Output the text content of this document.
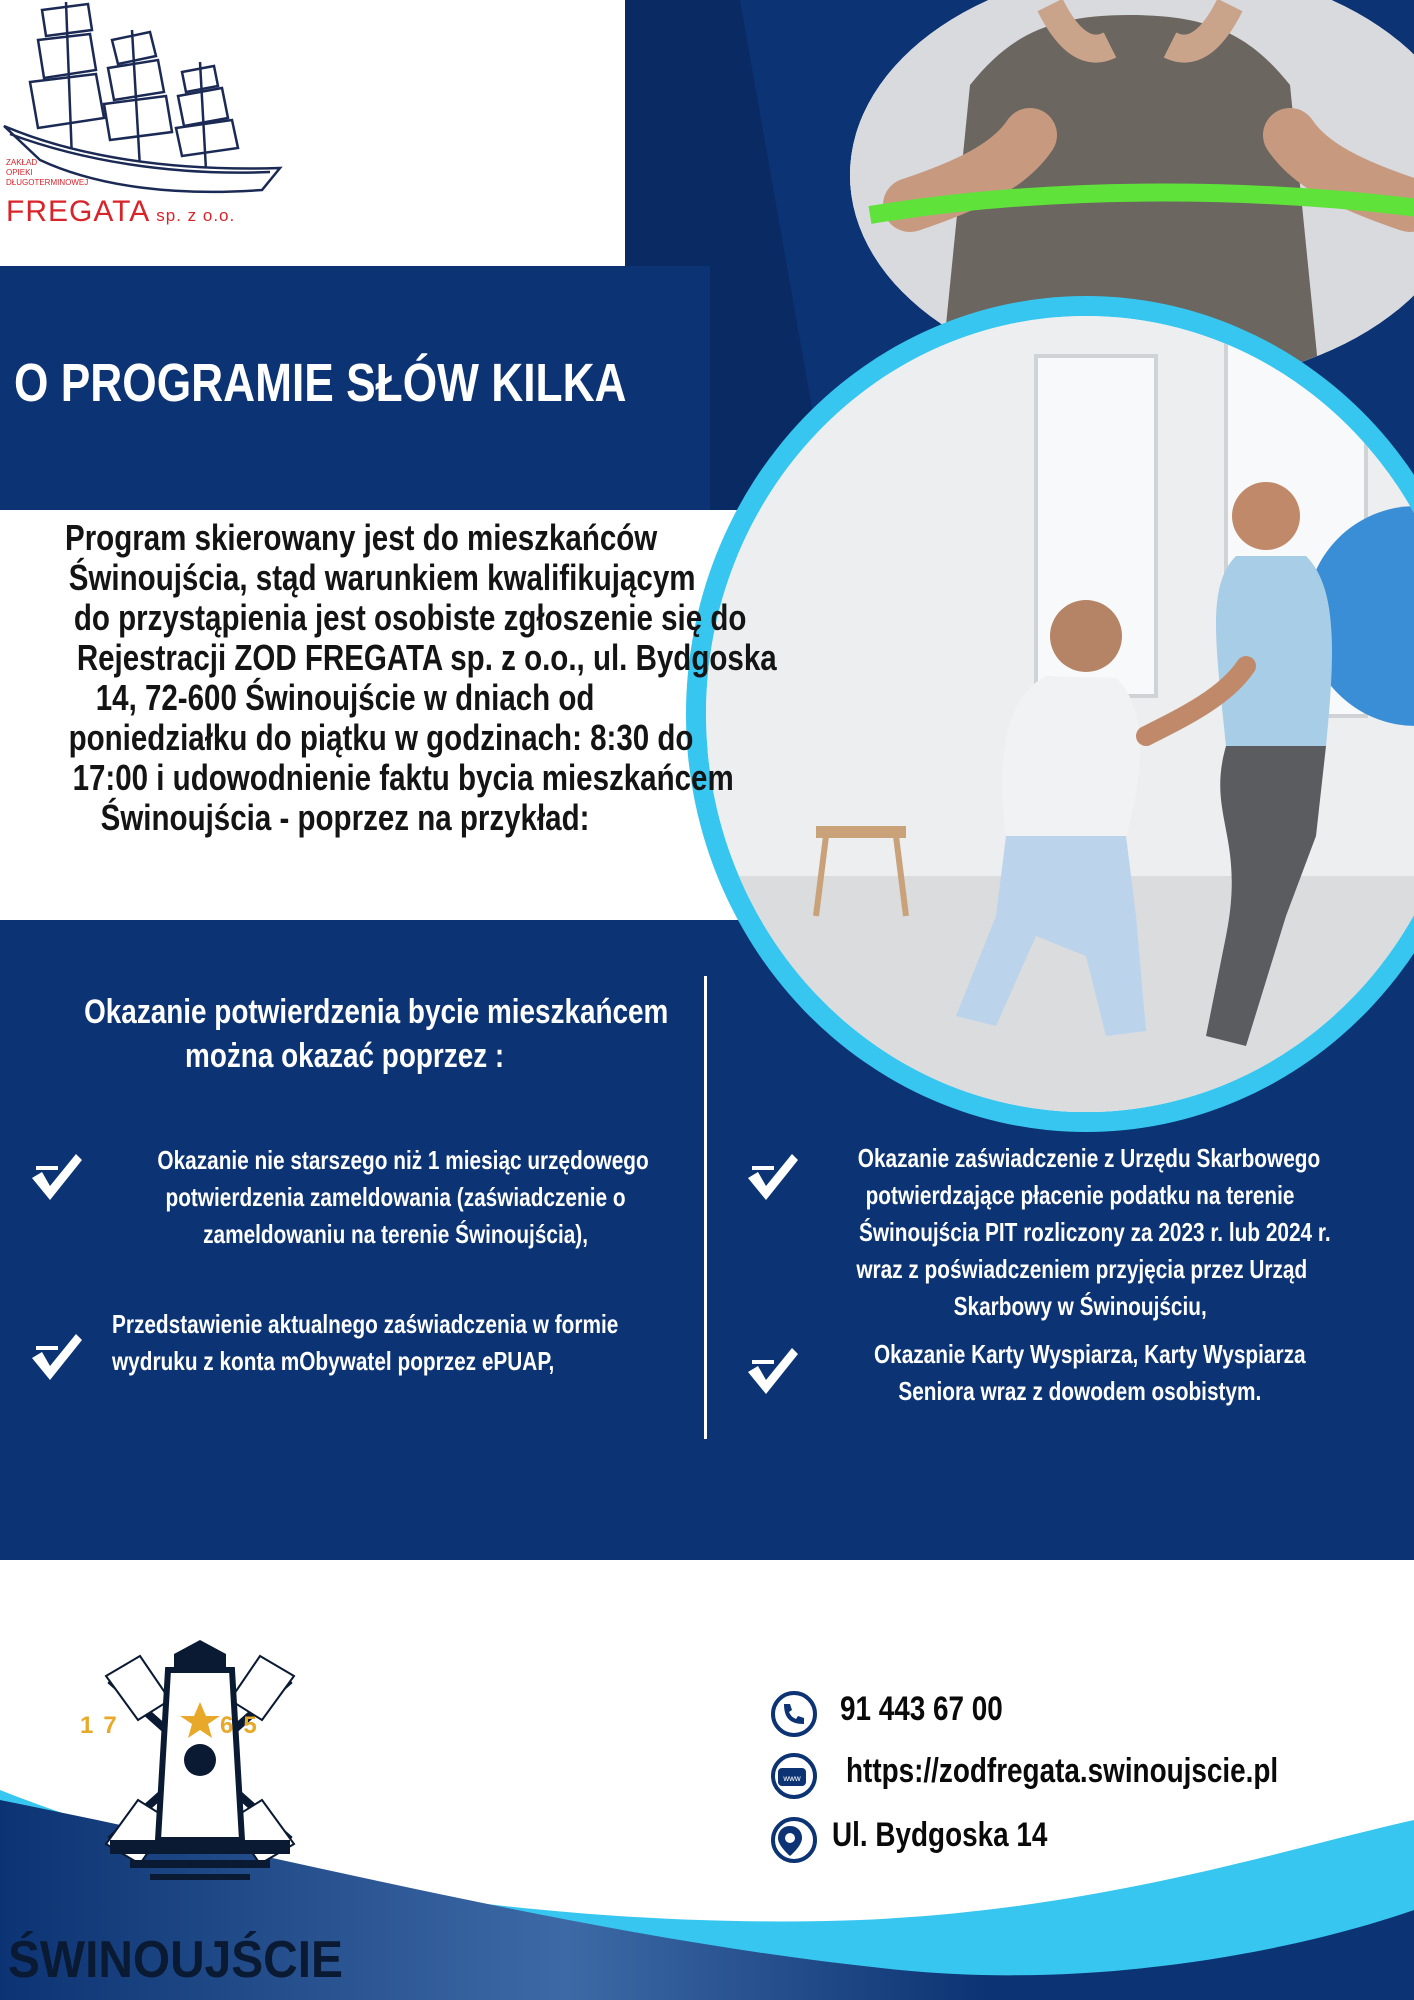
ZAKŁAD
OPIEKI
DŁUGOTERMINOWEJ
FREGATA sp. z o.o.
O PROGRAMIE SŁÓW KILKA
Program skierowany jest do mieszkańców
Świnoujścia, stąd warunkiem kwalifikującym
do przystąpienia jest osobiste zgłoszenie się do
Rejestracji ZOD FREGATA sp. z o.o., ul. Bydgoska
14, 72-600 Świnoujście w dniach od
poniedziałku do piątku w godzinach: 8:30 do
17:00 i udowodnienie faktu bycia mieszkańcem
Świnoujścia - poprzez na przykład:
Okazanie potwierdzenia bycie mieszkańcem
można okazać poprzez :
Okazanie nie starszego niż 1 miesiąc urzędowego
potwierdzenia zameldowania (zaświadczenie o
zameldowaniu na terenie Świnoujścia),
Przedstawienie aktualnego zaświadczenia w formie
wydruku z konta mObywatel poprzez ePUAP,
Okazanie zaświadczenie z Urzędu Skarbowego
potwierdzające płacenie podatku na terenie
Świnoujścia PIT rozliczony za 2023 r. lub 2024 r.
wraz z poświadczeniem przyjęcia przez Urząd
Skarbowy w Świnoujściu,
Okazanie Karty Wyspiarza, Karty Wyspiarza
Seniora wraz z dowodem osobistym.
17	65
ŚWINOUJŚCIE
91 443 67 00
www https://zodfregata.swinoujscie.pl
Ul. Bydgoska 14
